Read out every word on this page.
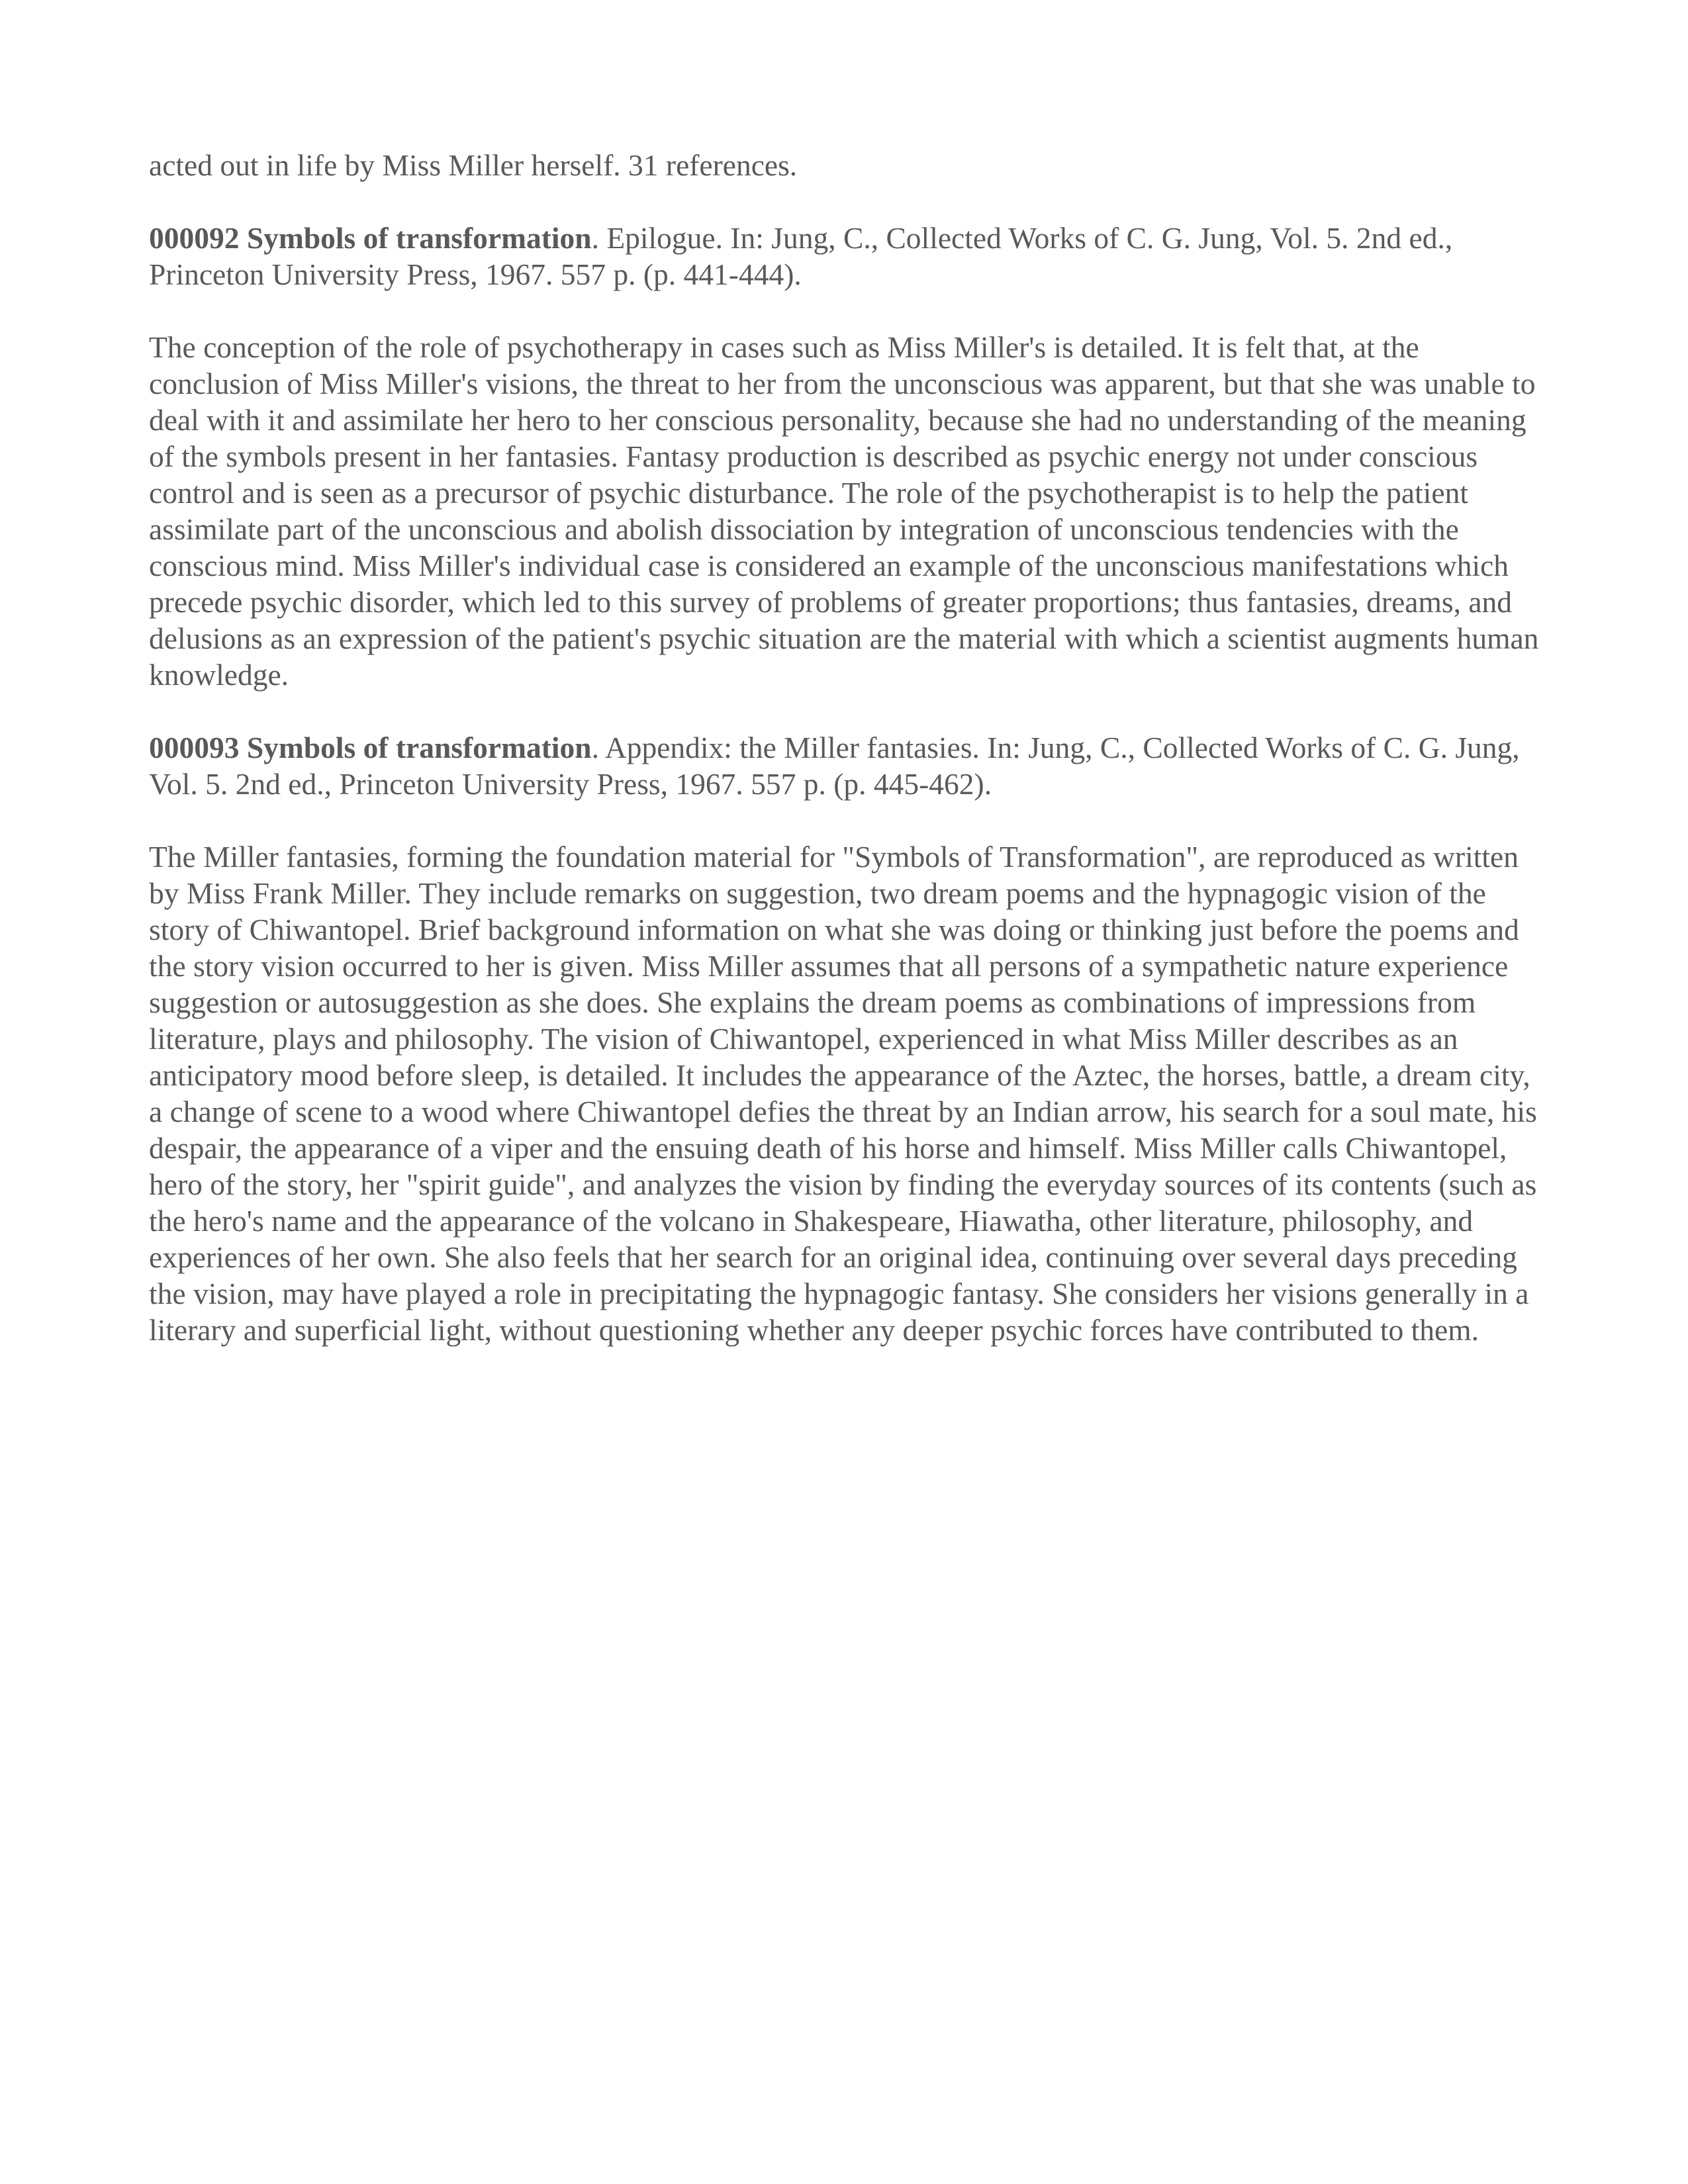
acted out in life by Miss Miller herself. 31 references.

000092 Symbols of transformation. Epilogue. In: Jung, C., Collected Works of C. G. Jung, Vol. 5. 2nd ed., Princeton University Press, 1967. 557 p. (p. 441-444).

The conception of the role of psychotherapy in cases such as Miss Miller's is detailed. It is felt that, at the conclusion of Miss Miller's visions, the threat to her from the unconscious was apparent, but that she was unable to deal with it and assimilate her hero to her conscious personality, because she had no understanding of the meaning of the symbols present in her fantasies. Fantasy production is described as psychic energy not under conscious control and is seen as a precursor of psychic disturbance. The role of the psychotherapist is to help the patient assimilate part of the unconscious and abolish dissociation by integration of unconscious tendencies with the conscious mind. Miss Miller's individual case is considered an example of the unconscious manifestations which precede psychic disorder, which led to this survey of problems of greater proportions; thus fantasies, dreams, and delusions as an expression of the patient's psychic situation are the material with which a scientist augments human knowledge.

000093 Symbols of transformation. Appendix: the Miller fantasies. In: Jung, C., Collected Works of C. G. Jung, Vol. 5. 2nd ed., Princeton University Press, 1967. 557 p. (p. 445-462).

The Miller fantasies, forming the foundation material for "Symbols of Transformation", are reproduced as written by Miss Frank Miller. They include remarks on suggestion, two dream poems and the hypnagogic vision of the story of Chiwantopel. Brief background information on what she was doing or thinking just before the poems and the story vision occurred to her is given. Miss Miller assumes that all persons of a sympathetic nature experience suggestion or autosuggestion as she does. She explains the dream poems as combinations of impressions from literature, plays and philosophy. The vision of Chiwantopel, experienced in what Miss Miller describes as an anticipatory mood before sleep, is detailed. It includes the appearance of the Aztec, the horses, battle, a dream city, a change of scene to a wood where Chiwantopel defies the threat by an Indian arrow, his search for a soul mate, his despair, the appearance of a viper and the ensuing death of his horse and himself. Miss Miller calls Chiwantopel, hero of the story, her "spirit guide", and analyzes the vision by finding the everyday sources of its contents (such as the hero's name and the appearance of the volcano in Shakespeare, Hiawatha, other literature, philosophy, and experiences of her own. She also feels that her search for an original idea, continuing over several days preceding the vision, may have played a role in precipitating the hypnagogic fantasy. She considers her visions generally in a literary and superficial light, without questioning whether any deeper psychic forces have contributed to them.
